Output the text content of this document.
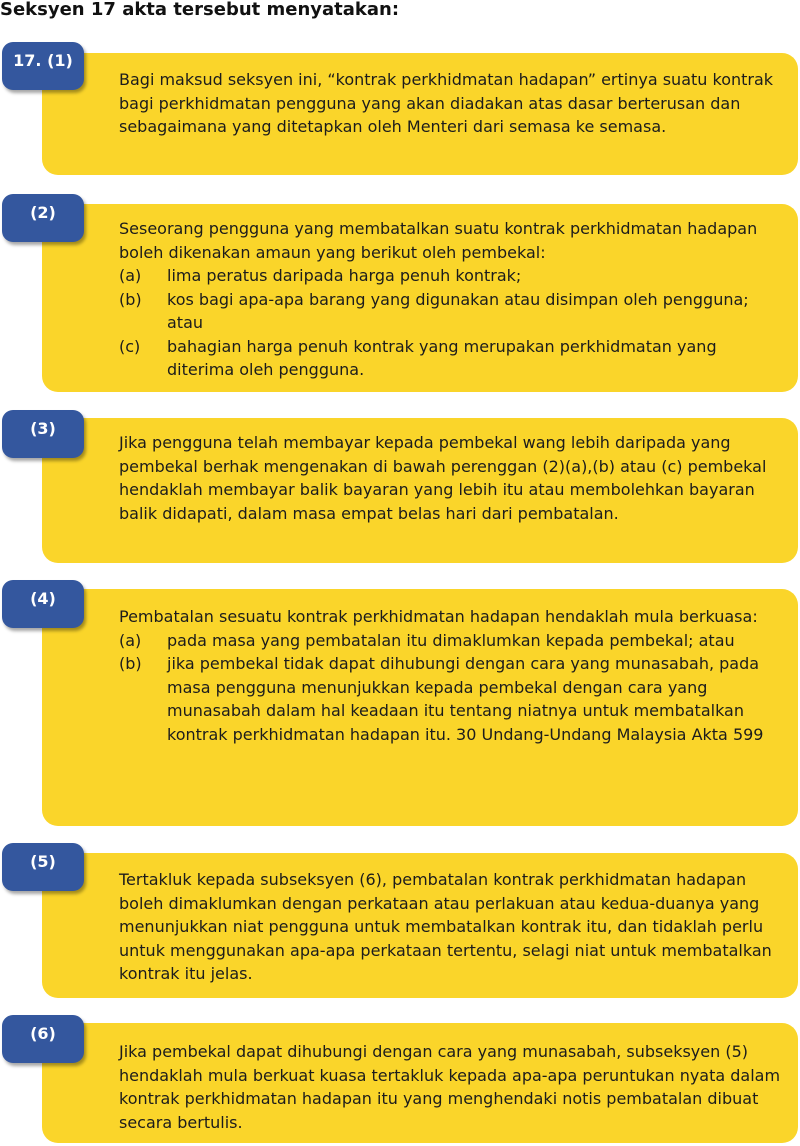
Seksyen 17 akta tersebut menyatakan:
17. (1)

Bagi maksud seksyen ini, “kontrak perkhidmatan hadapan” ertinya suatu kontrak bagi perkhidmatan pengguna yang akan diadakan atas dasar berterusan dan sebagaimana yang ditetapkan oleh Menteri dari semasa ke semasa.

(2)

Seseorang pengguna yang membatalkan suatu kontrak perkhidmatan hadapan boleh dikenakan amaun yang berikut oleh pembekal:

(a)	lima peratus daripada harga penuh kontrak;
(b)	kos bagi apa-apa barang yang digunakan atau disimpan oleh pengguna; atau
(c)	bahagian harga penuh kontrak yang merupakan perkhidmatan yang diterima oleh pengguna.
(3)

Jika pengguna telah membayar kepada pembekal wang lebih daripada yang pembekal berhak mengenakan di bawah perenggan (2)(a),(b) atau (c) pembekal hendaklah membayar balik bayaran yang lebih itu atau membolehkan bayaran balik didapati, dalam masa empat belas hari dari pembatalan.

(4)

Pembatalan sesuatu kontrak perkhidmatan hadapan hendaklah mula berkuasa:

(a)	pada masa yang pembatalan itu dimaklumkan kepada pembekal; atau
(b)	jika pembekal tidak dapat dihubungi dengan cara yang munasabah, pada masa pengguna menunjukkan kepada pembekal dengan cara yang munasabah dalam hal keadaan itu tentang niatnya untuk membatalkan kontrak perkhidmatan hadapan itu. 30 Undang-Undang Malaysia Akta 599
(5)

Tertakluk kepada subseksyen (6), pembatalan kontrak perkhidmatan hadapan boleh dimaklumkan dengan perkataan atau perlakuan atau kedua-duanya yang menunjukkan niat pengguna untuk membatalkan kontrak itu, dan tidaklah perlu untuk menggunakan apa-apa perkataan tertentu, selagi niat untuk membatalkan kontrak itu jelas.

(6)

Jika pembekal dapat dihubungi dengan cara yang munasabah, subseksyen (5) hendaklah mula berkuat kuasa tertakluk kepada apa-apa peruntukan nyata dalam kontrak perkhidmatan hadapan itu yang menghendaki notis pembatalan dibuat secara bertulis.
